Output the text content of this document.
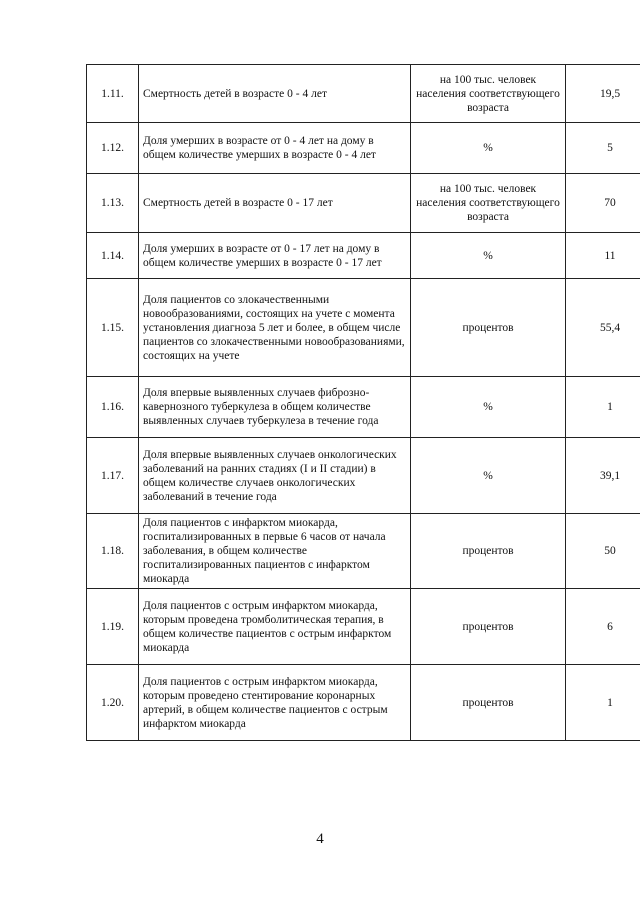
1.11.	Смертность детей в возрасте 0 - 4 лет	на 100 тыс. человек населения соответствующего возраста	19,5
1.12.	Доля умерших в возрасте от 0 - 4 лет на дому в общем количестве умерших в возрасте 0 - 4 лет	%	5
1.13.	Смертность детей в возрасте 0 - 17 лет	на 100 тыс. человек населения соответствующего возраста	70
1.14.	Доля умерших в возрасте от 0 - 17 лет на дому в общем количестве умерших в возрасте 0 - 17 лет	%	11
1.15.	Доля пациентов со злокачественными новообразованиями, состоящих на учете с момента установления диагноза 5 лет и более, в общем числе пациентов со злокачественными новообразованиями, состоящих на учете	процентов	55,4
1.16.	Доля впервые выявленных случаев фиброзно-кавернозного туберкулеза в общем количестве выявленных случаев туберкулеза в течение года	%	1
1.17.	Доля впервые выявленных случаев онкологических заболеваний на ранних стадиях (I и II стадии) в общем количестве случаев онкологических заболеваний в течение года	%	39,1
1.18.	Доля пациентов с инфарктом миокарда, госпитализированных в первые 6 часов от начала заболевания, в общем количестве госпитализированных пациентов с инфарктом миокарда	процентов	50
1.19.	Доля пациентов с острым инфарктом миокарда, которым проведена тромболитическая терапия, в общем количестве пациентов с острым инфарктом миокарда	процентов	6
1.20.	Доля пациентов с острым инфарктом миокарда, которым проведено стентирование коронарных артерий, в общем количестве пациентов с острым инфарктом миокарда	процентов	1
4
